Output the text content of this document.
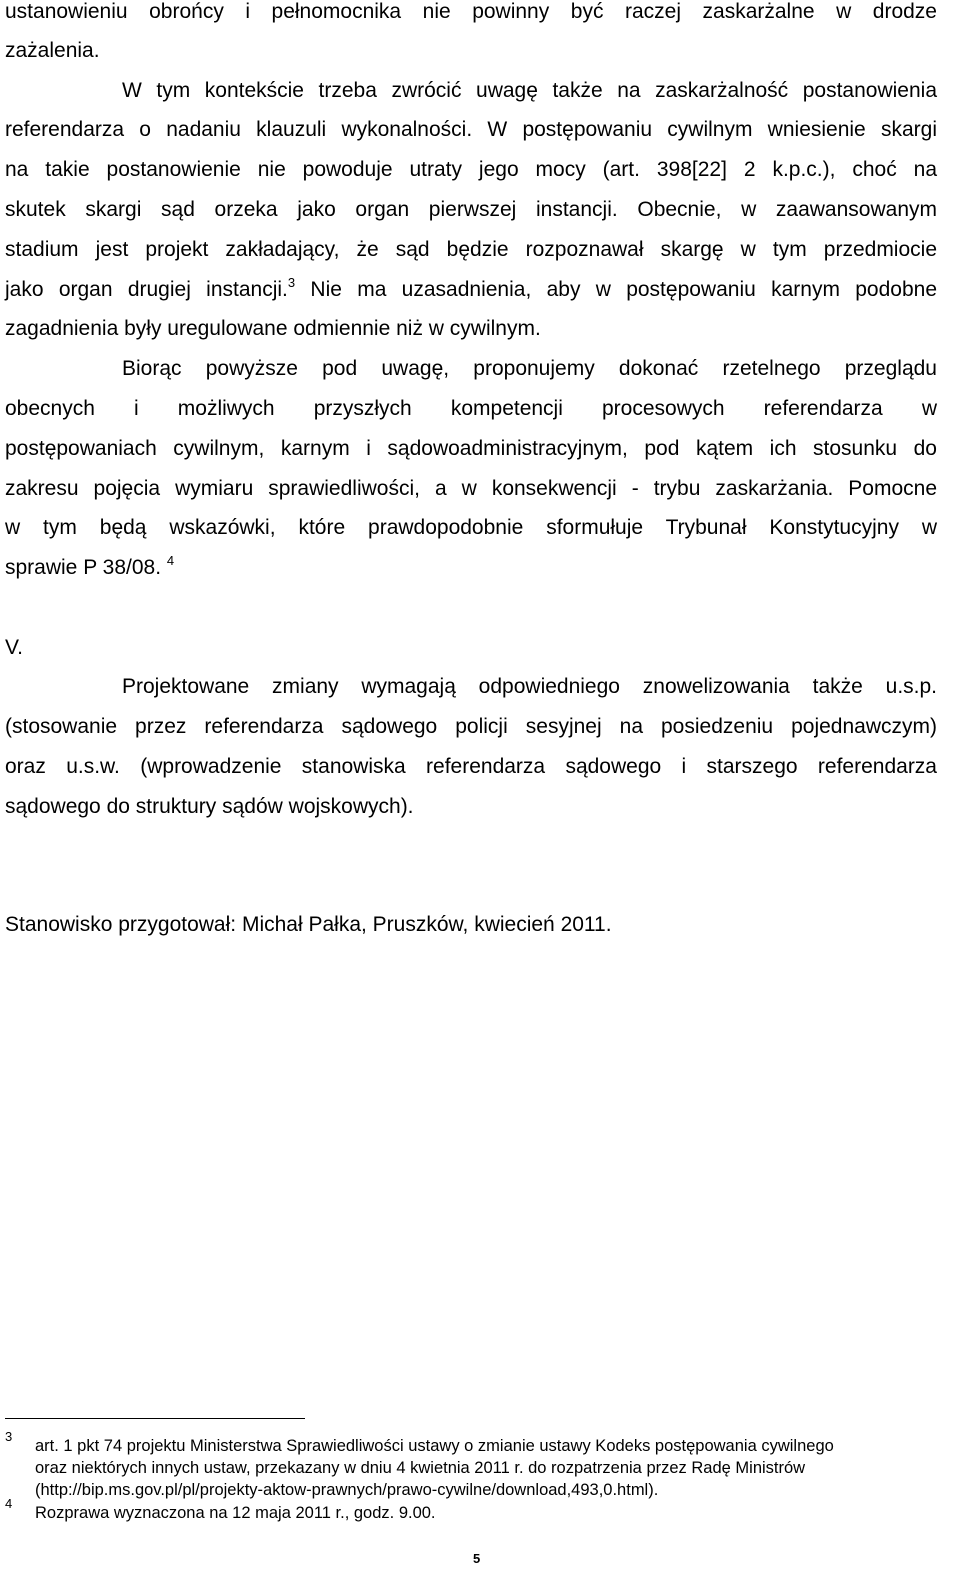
ustanowieniu obrońcy i pełnomocnika nie powinny być raczej zaskarżalne w drodze
zażalenia.
W tym kontekście trzeba zwrócić uwagę także na zaskarżalność postanowienia
referendarza o nadaniu klauzuli wykonalności. W postępowaniu cywilnym wniesienie skargi
na takie postanowienie nie powoduje utraty jego mocy (art. 398[22] 2 k.p.c.), choć na
skutek skargi sąd orzeka jako organ pierwszej instancji. Obecnie, w zaawansowanym
stadium jest projekt zakładający, że sąd będzie rozpoznawał skargę w tym przedmiocie
jako organ drugiej instancji.$^3$ Nie ma uzasadnienia, aby w postępowaniu karnym podobne
zagadnienia były uregulowane odmiennie niż w cywilnym.
Biorąc powyższe pod uwagę, proponujemy dokonać rzetelnego przeglądu
obecnych i możliwych przyszłych kompetencji procesowych referendarza w
postępowaniach cywilnym, karnym i sądowoadministracyjnym, pod kątem ich stosunku do
zakresu pojęcia wymiaru sprawiedliwości, a w konsekwencji - trybu zaskarżania. Pomocne
w tym będą wskazówki, które prawdopodobnie sformułuje Trybunał Konstytucyjny w
sprawie P 38/08. $^4$
V.
Projektowane zmiany wymagają odpowiedniego znowelizowania także u.s.p.
(stosowanie przez referendarza sądowego policji sesyjnej na posiedzeniu pojednawczym)
oraz u.s.w. (wprowadzenie stanowiska referendarza sądowego i starszego referendarza
sądowego do struktury sądów wojskowych).
Stanowisko przygotował: Michał Pałka, Pruszków, kwiecień 2011.
3
art. 1 pkt 74 projektu Ministerstwa Sprawiedliwości ustawy o zmianie ustawy Kodeks postępowania cywilnego
oraz niektórych innych ustaw, przekazany w dniu 4 kwietnia 2011 r. do rozpatrzenia przez Radę Ministrów
(http://bip.ms.gov.pl/pl/projekty-aktow-prawnych/prawo-cywilne/download,493,0.html).
4
Rozprawa wyznaczona na 12 maja 2011 r., godz. 9.00.
5
